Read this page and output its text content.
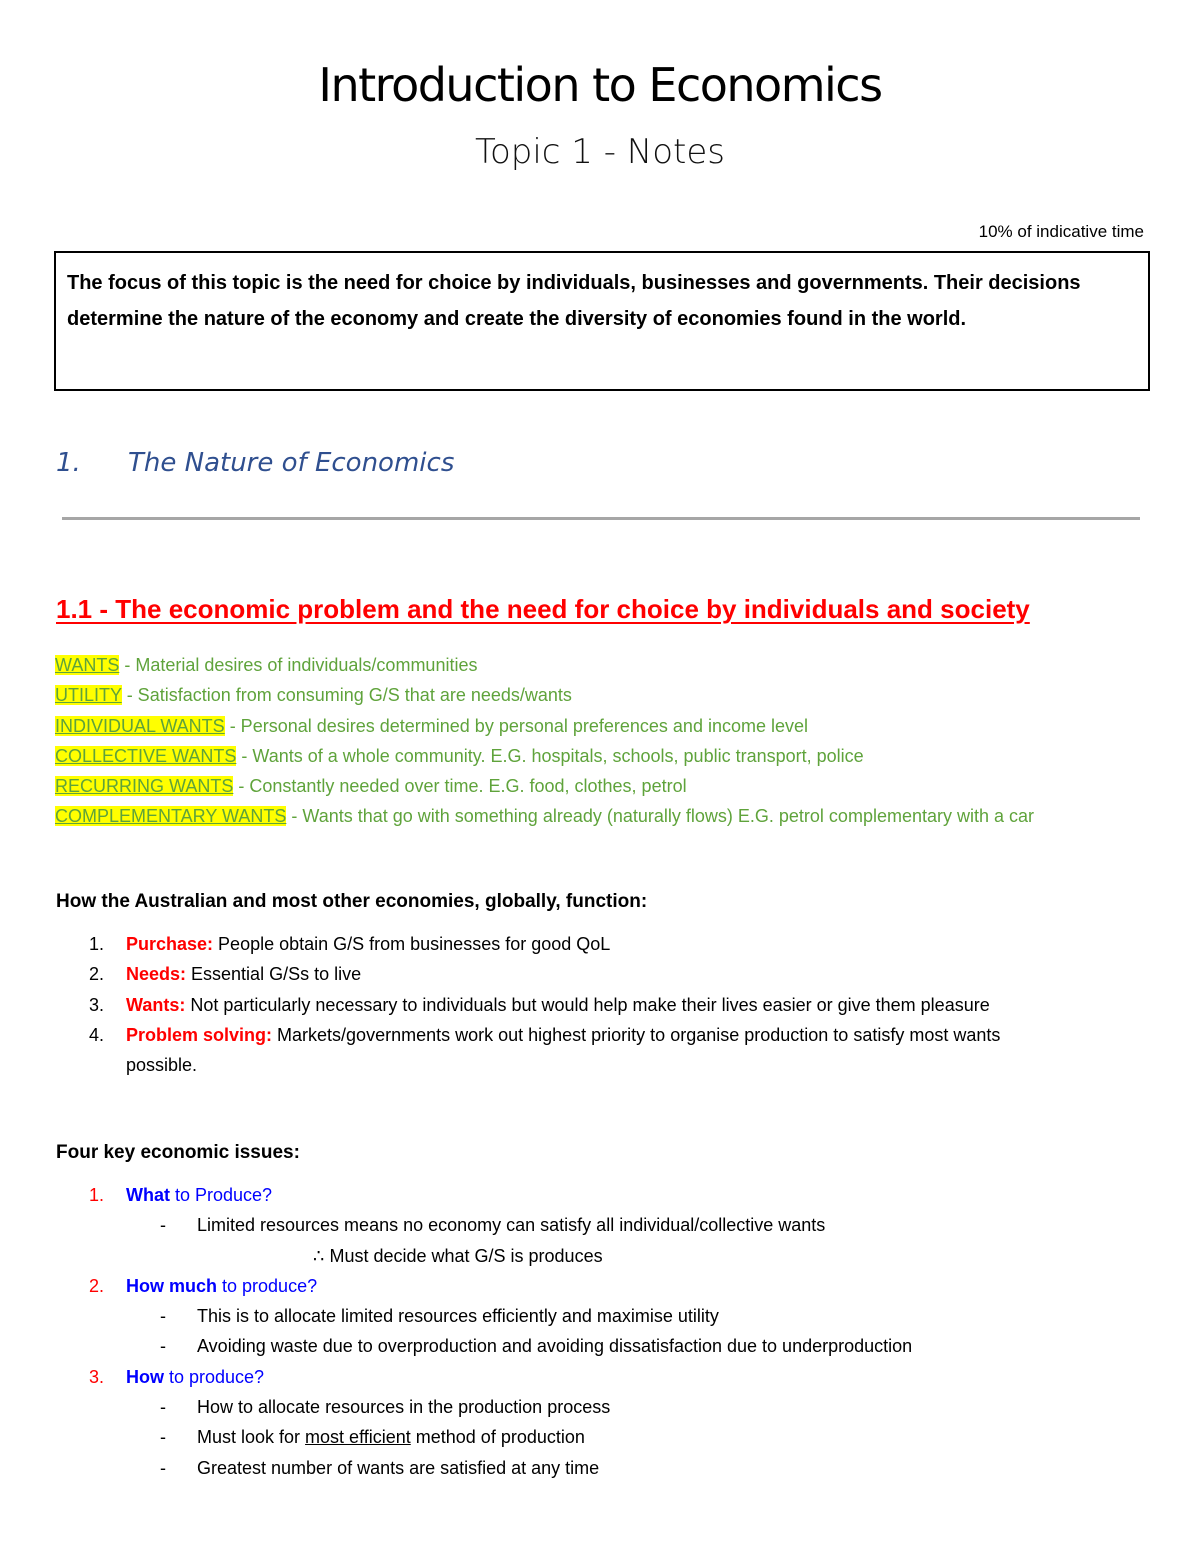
Introduction to Economics
Topic 1 - Notes
10% of indicative time
The focus of this topic is the need for choice by individuals, businesses and governments. Their decisions determine the nature of the economy and create the diversity of economies found in the world.
1. The Nature of Economics
1.1 - The economic problem and the need for choice by individuals and society
WANTS - Material desires of individuals/communities
UTILITY - Satisfaction from consuming G/S that are needs/wants
INDIVIDUAL WANTS - Personal desires determined by personal preferences and income level
COLLECTIVE WANTS - Wants of a whole community. E.G. hospitals, schools, public transport, police
RECURRING WANTS - Constantly needed over time. E.G. food, clothes, petrol
COMPLEMENTARY WANTS - Wants that go with something already (naturally flows) E.G. petrol complementary with a car
How the Australian and most other economies, globally, function:
1. Purchase: People obtain G/S from businesses for good QoL
2. Needs: Essential G/Ss to live
3. Wants: Not particularly necessary to individuals but would help make their lives easier or give them pleasure
4. Problem solving: Markets/governments work out highest priority to organise production to satisfy most wants
possible.
Four key economic issues:
1. What to Produce?
- Limited resources means no economy can satisfy all individual/collective wants
∴ Must decide what G/S is produces
2. How much to produce?
- This is to allocate limited resources efficiently and maximise utility
- Avoiding waste due to overproduction and avoiding dissatisfaction due to underproduction
3. How to produce?
- How to allocate resources in the production process
- Must look for most efficient method of production
- Greatest number of wants are satisfied at any time
